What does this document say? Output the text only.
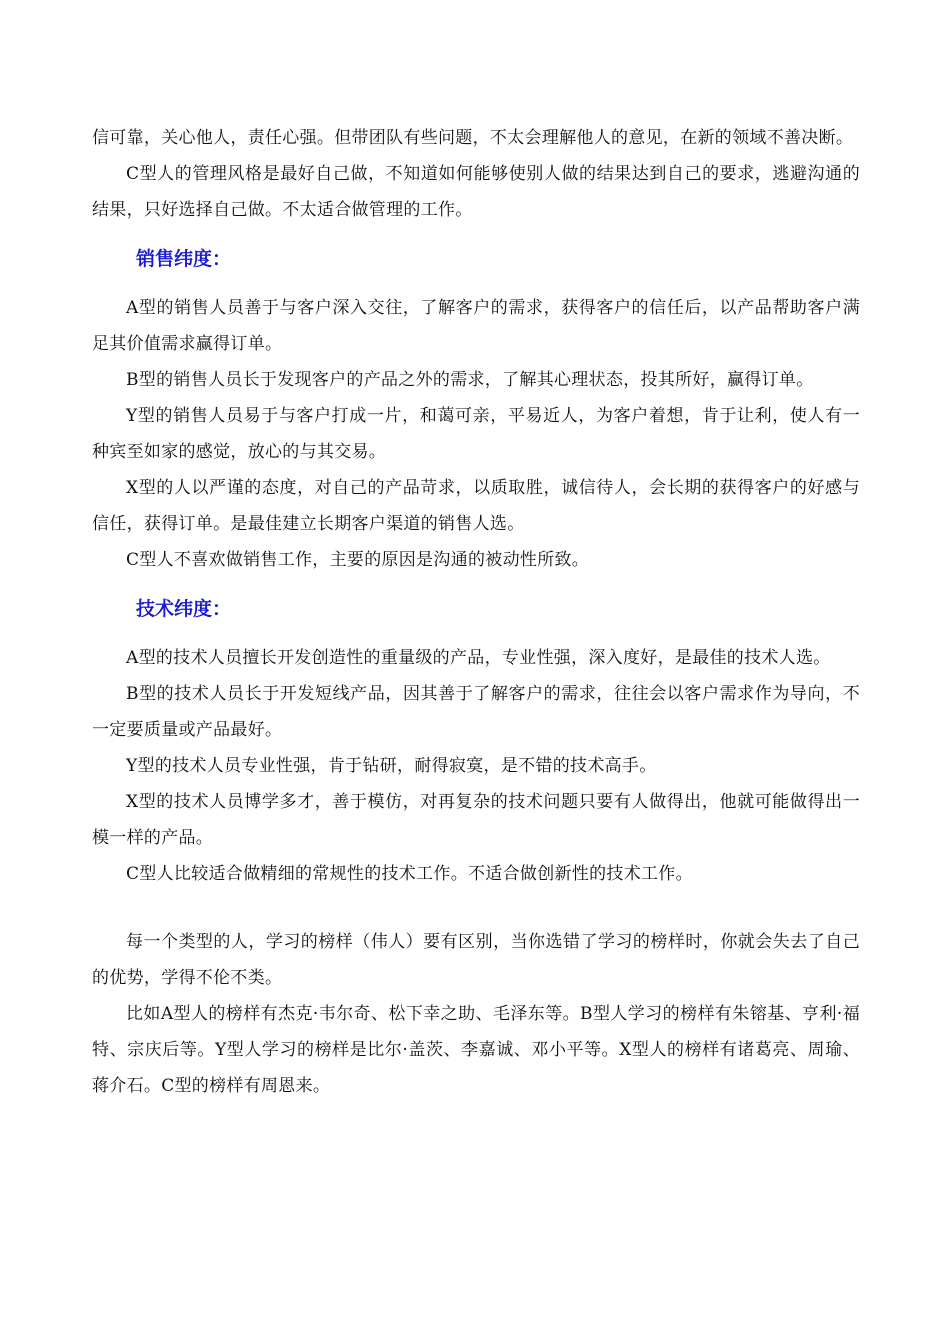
信可靠，关心他人，责任心强。但带团队有些问题，不太会理解他人的意见，在新的领域不善决断。

C型人的管理风格是最好自己做，不知道如何能够使别人做的结果达到自己的要求，逃避沟通的结果，只好选择自己做。不太适合做管理的工作。

销售纬度：

A型的销售人员善于与客户深入交往，了解客户的需求，获得客户的信任后，以产品帮助客户满足其价值需求赢得订单。

B型的销售人员长于发现客户的产品之外的需求，了解其心理状态，投其所好，赢得订单。

Y型的销售人员易于与客户打成一片，和蔼可亲，平易近人，为客户着想，肯于让利，使人有一种宾至如家的感觉，放心的与其交易。

X型的人以严谨的态度，对自己的产品苛求，以质取胜，诚信待人，会长期的获得客户的好感与信任，获得订单。是最佳建立长期客户渠道的销售人选。

C型人不喜欢做销售工作，主要的原因是沟通的被动性所致。

技术纬度：

A型的技术人员擅长开发创造性的重量级的产品，专业性强，深入度好，是最佳的技术人选。

B型的技术人员长于开发短线产品，因其善于了解客户的需求，往往会以客户需求作为导向，不一定要质量或产品最好。

Y型的技术人员专业性强，肯于钻研，耐得寂寞，是不错的技术高手。

X型的技术人员博学多才，善于模仿，对再复杂的技术问题只要有人做得出，他就可能做得出一模一样的产品。

C型人比较适合做精细的常规性的技术工作。不适合做创新性的技术工作。

每一个类型的人，学习的榜样（伟人）要有区别，当你选错了学习的榜样时，你就会失去了自己的优势，学得不伦不类。

比如A型人的榜样有杰克·韦尔奇、松下幸之助、毛泽东等。B型人学习的榜样有朱镕基、亨利·福特、宗庆后等。Y型人学习的榜样是比尔·盖茨、李嘉诚、邓小平等。X型人的榜样有诸葛亮、周瑜、蒋介石。C型的榜样有周恩来。
